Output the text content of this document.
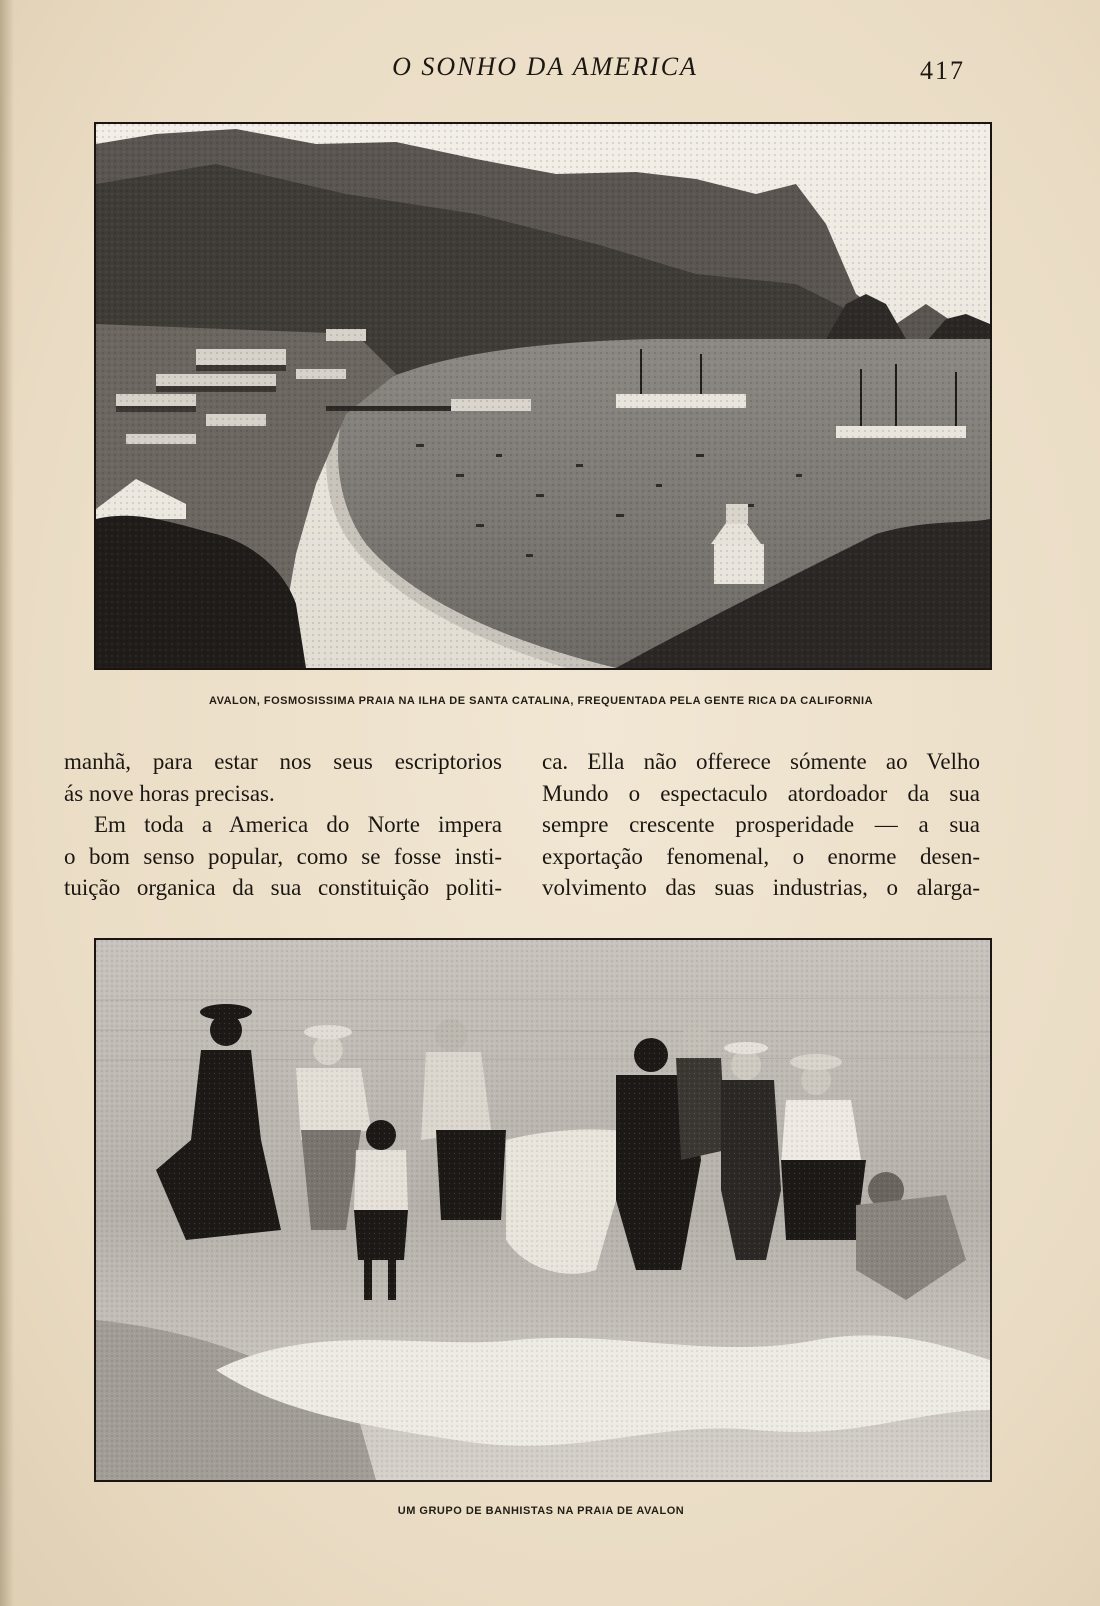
O SONHO DA AMERICA	417
AVALON, FOSMOSISSIMA PRAIA NA ILHA DE SANTA CATALINA, FREQUENTADA PELA GENTE RICA DA CALIFORNIA
manhã, para estar nos seus escriptorios
ás nove horas precisas.
Em toda a America do Norte impera
o bom senso popular, como se fosse insti-
tuição organica da sua constituição politi-
ca. Ella não offerece sómente ao Velho
Mundo o espectaculo atordoador da sua
sempre crescente prosperidade — a sua
exportação fenomenal, o enorme desen-
volvimento das suas industrias, o alarga-
UM GRUPO DE BANHISTAS NA PRAIA DE AVALON
